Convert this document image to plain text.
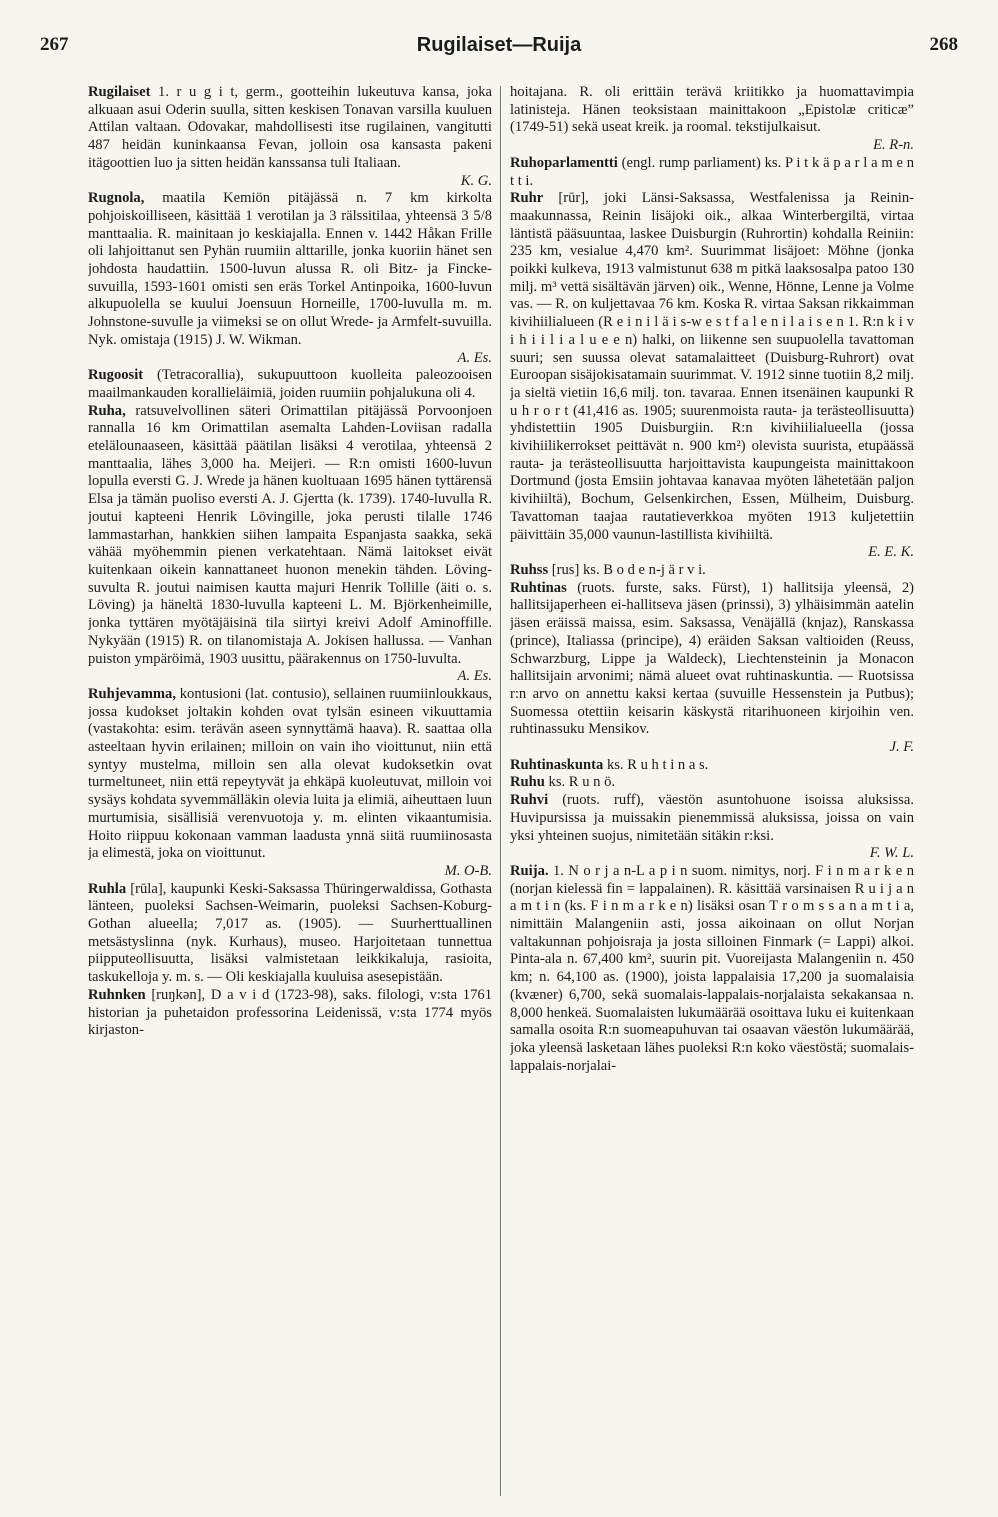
267	Rugilaiset—Ruija	268

Rugilaiset 1. r u g i t, germ., gootteihin lukeutuva kansa, joka alkuaan asui Oderin suulla, sitten keskisen Tonavan varsilla kuuluen Attilan valtaan. Odovakar, mahdollisesti itse rugilainen, vangitutti 487 heidän kuninkaansa Fevan, jolloin osa kansasta pakeni itägoottien luo ja sitten heidän kanssansa tuli Italiaan.

K. G.

Rugnola, maatila Kemiön pitäjässä n. 7 km kirkolta pohjoiskoilliseen, käsittää 1 verotilan ja 3 rälssitilaa, yhteensä 3 5/8 manttaalia. R. mainitaan jo keskiajalla. Ennen v. 1442 Håkan Frille oli lahjoittanut sen Pyhän ruumiin alttarille, jonka kuoriin hänet sen johdosta haudattiin. 1500-luvun alussa R. oli Bitz- ja Fincke-suvuilla, 1593-1601 omisti sen eräs Torkel Antinpoika, 1600-luvun alkupuolella se kuului Joensuun Horneille, 1700-luvulla m. m. Johnstone-suvulle ja viimeksi se on ollut Wrede- ja Armfelt-suvuilla. Nyk. omistaja (1915) J. W. Wikman.

A. Es.

Rugoosit (Tetracorallia), sukupuuttoon kuolleita paleozooisen maailmankauden korallieläimiä, joiden ruumiin pohjalukuna oli 4.

Ruha, ratsuvelvollinen säteri Orimattilan pitäjässä Porvoonjoen rannalla 16 km Orimattilan asemalta Lahden-Loviisan radalla etelälounaaseen, käsittää päätilan lisäksi 4 verotilaa, yhteensä 2 manttaalia, lähes 3,000 ha. Meijeri. — R:n omisti 1600-luvun lopulla eversti G. J. Wrede ja hänen kuoltuaan 1695 hänen tyttärensä Elsa ja tämän puoliso eversti A. J. Gjertta (k. 1739). 1740-luvulla R. joutui kapteeni Henrik Lövingille, joka perusti tilalle 1746 lammastarhan, hankkien siihen lampaita Espanjasta saakka, sekä vähää myöhemmin pienen verkatehtaan. Nämä laitokset eivät kuitenkaan oikein kannattaneet huonon menekin tähden. Löving-suvulta R. joutui naimisen kautta majuri Henrik Tollille (äiti o. s. Löving) ja häneltä 1830-luvulla kapteeni L. M. Björkenheimille, jonka tyttären myötäjäisinä tila siirtyi kreivi Adolf Aminoffille. Nykyään (1915) R. on tilanomistaja A. Jokisen hallussa. — Vanhan puiston ympäröimä, 1903 uusittu, päärakennus on 1750-luvulta.

A. Es.

Ruhjevamma, kontusioni (lat. contusio), sellainen ruumiinloukkaus, jossa kudokset joltakin kohden ovat tylsän esineen vikuuttamia (vastakohta: esim. terävän aseen synnyttämä haava). R. saattaa olla asteeltaan hyvin erilainen; milloin on vain iho vioittunut, niin että syntyy mustelma, milloin sen alla olevat kudoksetkin ovat turmeltuneet, niin että repeytyvät ja ehkäpä kuoleutuvat, milloin voi sysäys kohdata syvemmälläkin olevia luita ja elimiä, aiheuttaen luun murtumisia, sisällisiä verenvuotoja y. m. elinten vikaantumisia. Hoito riippuu kokonaan vamman laadusta ynnä siitä ruumiinosasta ja elimestä, joka on vioittunut.

M. O-B.

Ruhla [rūla], kaupunki Keski-Saksassa Thüringerwaldissa, Gothasta länteen, puoleksi Sachsen-Weimarin, puoleksi Sachsen-Koburg-Gothan alueella; 7,017 as. (1905). — Suurherttuallinen metsästyslinna (nyk. Kurhaus), museo. Harjoitetaan tunnettua piipputeollisuutta, lisäksi valmistetaan leikkikaluja, rasioita, taskukelloja y. m. s. — Oli keskiajalla kuuluisa asesepistään.

Ruhnken [ruŋkən], D a v i d (1723-98), saks. filologi, v:sta 1761 historian ja puhetaidon professorina Leidenissä, v:sta 1774 myös kirjaston-

hoitajana. R. oli erittäin terävä kriitikko ja huomattavimpia latinisteja. Hänen teoksistaan mainittakoon „Epistolæ criticæ” (1749-51) sekä useat kreik. ja roomal. tekstijulkaisut.

E. R-n.

Ruhoparlamentti (engl. rump parliament) ks. P i t k ä p a r l a m e n t t i.

Ruhr [rūr], joki Länsi-Saksassa, Westfalenissa ja Reinin-maakunnassa, Reinin lisäjoki oik., alkaa Winterbergiltä, virtaa läntistä pääsuuntaa, laskee Duisburgin (Ruhrortin) kohdalla Reiniin: 235 km, vesialue 4,470 km². Suurimmat lisäjoet: Möhne (jonka poikki kulkeva, 1913 valmistunut 638 m pitkä laaksosalpa patoo 130 milj. m³ vettä sisältävän järven) oik., Wenne, Hönne, Lenne ja Volme vas. — R. on kuljettavaa 76 km. Koska R. virtaa Saksan rikkaimman kivihiilialueen (R e i n i l ä i s-w e s t f a l e n i l a i s e n 1. R:n k i v i h i i l i a l u e e n) halki, on liikenne sen suupuolella tavattoman suuri; sen suussa olevat satamalaitteet (Duisburg-Ruhrort) ovat Euroopan sisäjokisatamain suurimmat. V. 1912 sinne tuotiin 8,2 milj. ja sieltä vietiin 16,6 milj. ton. tavaraa. Ennen itsenäinen kaupunki R u h r o r t (41,416 as. 1905; suurenmoista rauta- ja terästeollisuutta) yhdistettiin 1905 Duisburgiin. R:n kivihiilialueella (jossa kivihiilikerrokset peittävät n. 900 km²) olevista suurista, etupäässä rauta- ja terästeollisuutta harjoittavista kaupungeista mainittakoon Dortmund (josta Emsiin johtavaa kanavaa myöten lähetetään paljon kivihiiltä), Bochum, Gelsenkirchen, Essen, Mülheim, Duisburg. Tavattoman taajaa rautatieverkkoa myöten 1913 kuljetettiin päivittäin 35,000 vaunun-lastillista kivihiiltä.

E. E. K.

Ruhss [rus] ks. B o d e n-j ä r v i.

Ruhtinas (ruots. furste, saks. Fürst), 1) hallitsija yleensä, 2) hallitsijaperheen ei-hallitseva jäsen (prinssi), 3) ylhäisimmän aatelin jäsen eräissä maissa, esim. Saksassa, Venäjällä (knjaz), Ranskassa (prince), Italiassa (principe), 4) eräiden Saksan valtioiden (Reuss, Schwarzburg, Lippe ja Waldeck), Liechtensteinin ja Monacon hallitsijain arvonimi; nämä alueet ovat ruhtinaskuntia. — Ruotsissa r:n arvo on annettu kaksi kertaa (suvuille Hessenstein ja Putbus); Suomessa otettiin keisarin käskystä ritarihuoneen kirjoihin ven. ruhtinassuku Mensikov.

J. F.

Ruhtinaskunta ks. R u h t i n a s.

Ruhu ks. R u n ö.

Ruhvi (ruots. ruff), väestön asuntohuone isoissa aluksissa. Huvipursissa ja muissakin pienemmissä aluksissa, joissa on vain yksi yhteinen suojus, nimitetään sitäkin r:ksi.

F. W. L.

Ruija. 1. N o r j a n-L a p i n suom. nimitys, norj. F i n m a r k e n (norjan kielessä fin = lappalainen). R. käsittää varsinaisen R u i j a n a m t i n (ks. F i n m a r k e n) lisäksi osan T r o m s s a n a m t i a, nimittäin Malangeniin asti, jossa aikoinaan on ollut Norjan valtakunnan pohjoisraja ja josta silloinen Finmark (= Lappi) alkoi. Pinta-ala n. 67,400 km², suurin pit. Vuoreijasta Malangeniin n. 450 km; n. 64,100 as. (1900), joista lappalaisia 17,200 ja suomalaisia (kvæner) 6,700, sekä suomalais-lappalais-norjalaista sekakansaa n. 8,000 henkeä. Suomalaisten lukumäärää osoittava luku ei kuitenkaan samalla osoita R:n suomeapuhuvan tai osaavan väestön lukumäärää, joka yleensä lasketaan lähes puoleksi R:n koko väestöstä; suomalais-lappalais-norjalai-
